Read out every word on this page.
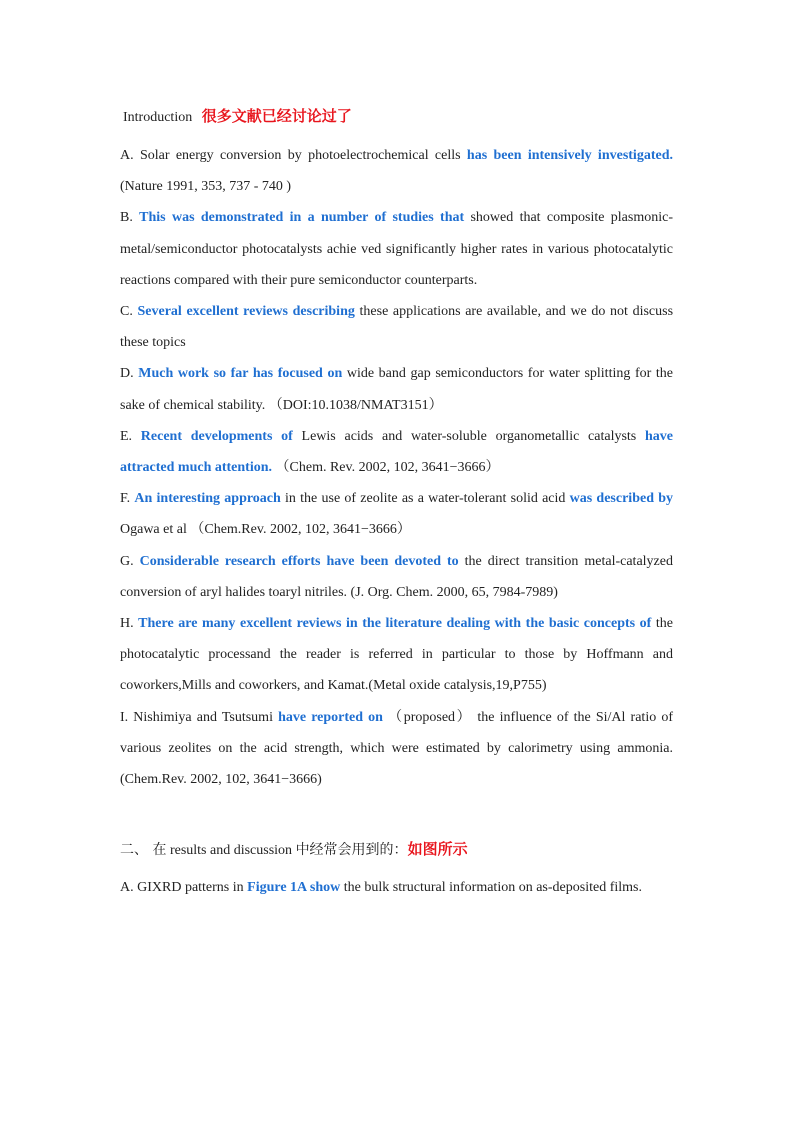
Introduction 很多文献已经讨论过了

A. Solar energy conversion by photoelectrochemical cells has been intensively investigated. (Nature 1991, 353, 737 - 740 )

B. This was demonstrated in a number of studies that showed that composite plasmonic-metal/semiconductor photocatalysts achie ved significantly higher rates in various photocatalytic reactions compared with their pure semiconductor counterparts.

C. Several excellent reviews describing these applications are available, and we do not discuss these topics

D. Much work so far has focused on wide band gap semiconductors for water splitting for the sake of chemical stability. （DOI:10.1038/NMAT3151）

E. Recent developments of Lewis acids and water-soluble organometallic catalysts have attracted much attention. （Chem. Rev. 2002, 102, 3641−3666）

F. An interesting approach in the use of zeolite as a water-tolerant solid acid was described by Ogawa et al （Chem.Rev. 2002, 102, 3641−3666）

G. Considerable research efforts have been devoted to the direct transition metal-catalyzed conversion of aryl halides toaryl nitriles. (J. Org. Chem. 2000, 65, 7984-7989)

H. There are many excellent reviews in the literature dealing with the basic concepts of the photocatalytic processand the reader is referred in particular to those by Hoffmann and coworkers,Mills and coworkers, and Kamat.(Metal oxide catalysis,19,P755)

I. Nishimiya and Tsutsumi have reported on （proposed） the influence of the Si/Al ratio of various zeolites on the acid strength, which were estimated by calorimetry using ammonia. (Chem.Rev. 2002, 102, 3641−3666)

二、 在 results and discussion 中经常会用到的：如图所示

A. GIXRD patterns in Figure 1A show the bulk structural information on as-deposited films.
